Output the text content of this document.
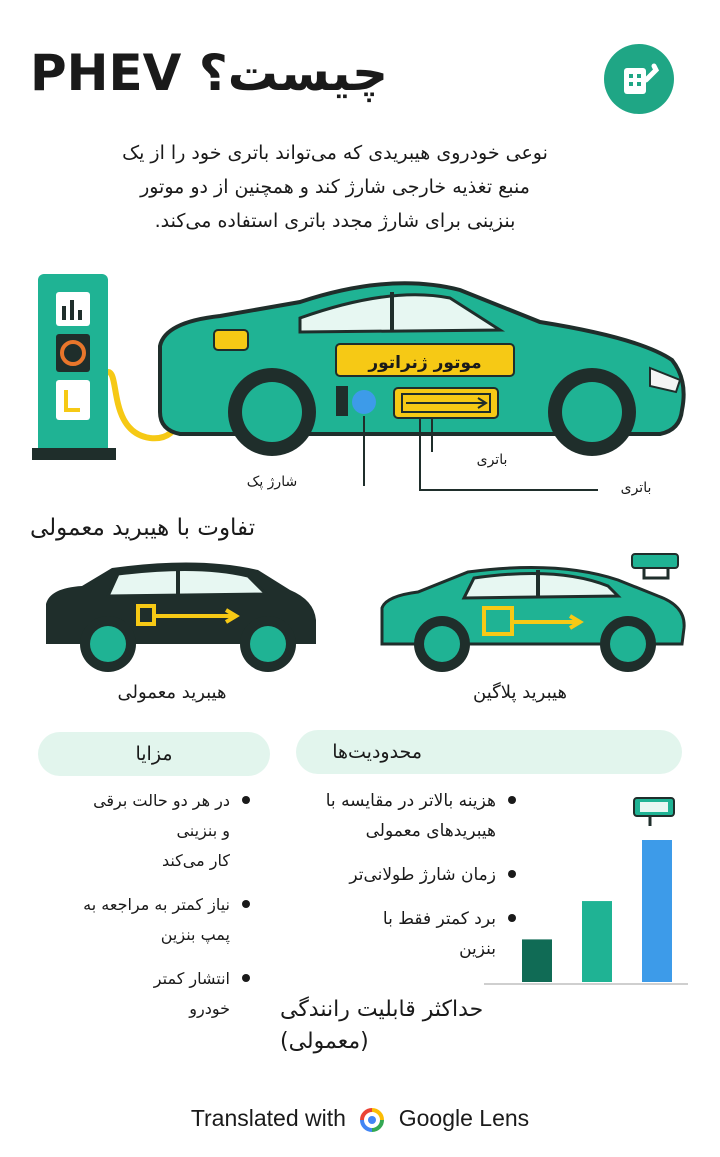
PHEV چیست؟
نوعی خودروی هیبریدی که می‌تواند باتری خود را از یک
منبع تغذیه خارجی شارژ کند و همچنین از دو موتور
بنزینی برای شارژ مجدد باتری استفاده می‌کند.
موتور ژنراتور
باتری
باتری
شارژ پک
تفاوت با هیبرید معمولی
هیبرید معمولی	هیبرید پلاگین
مزایا
در هر دو حالت برقی
و بنزینی
کار می‌کند
نیاز کمتر به مراجعه به
پمپ بنزین
انتشار کمتر
خودرو
محدودیت‌ها
هزینه بالاتر در مقایسه با
هیبریدهای معمولی
زمان شارژ طولانی‌تر
برد کمتر فقط با
بنزین
حداکثر قابلیت رانندگی (معمولی)
Translated with Google Lens
